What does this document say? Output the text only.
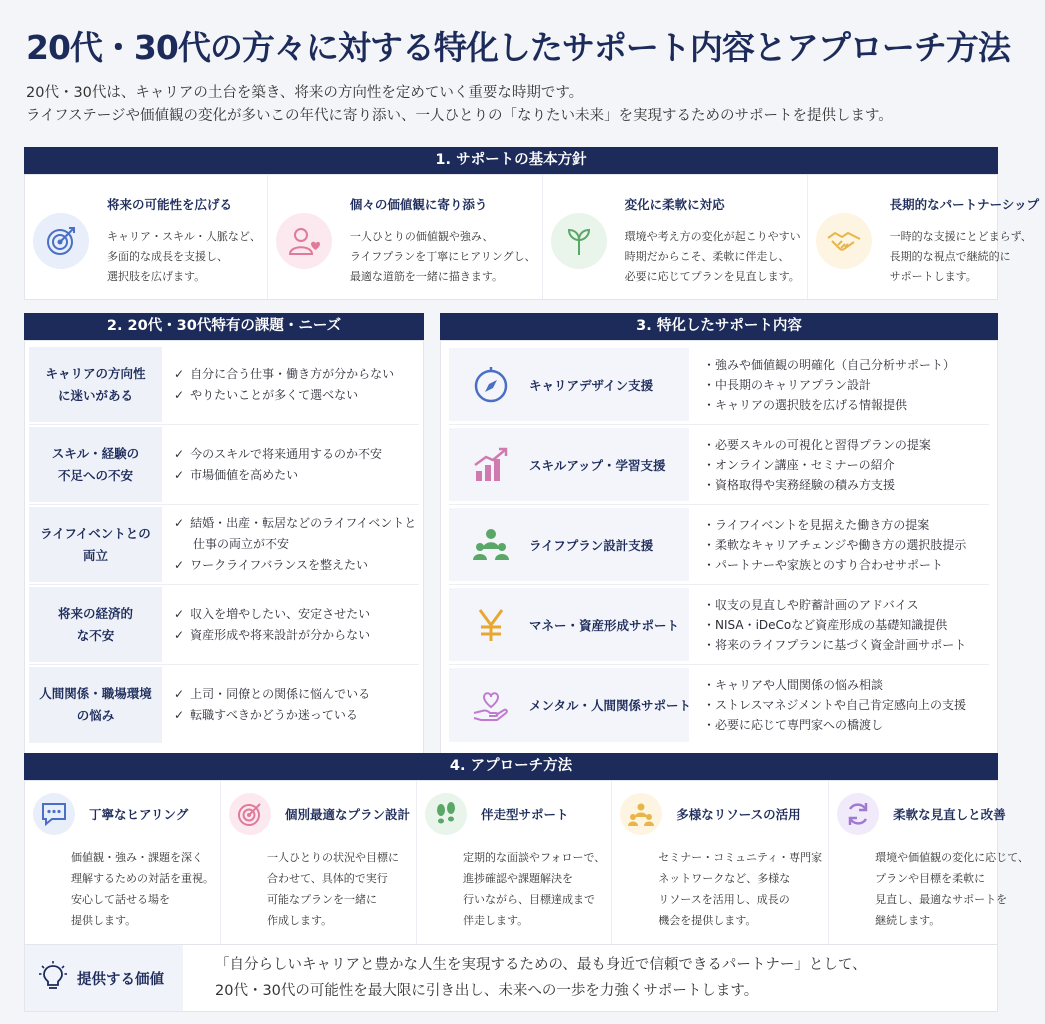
20代・30代の方々に対する特化したサポート内容とアプローチ方法
20代・30代は、キャリアの土台を築き、将来の方向性を定めていく重要な時期です。
ライフステージや価値観の変化が多いこの年代に寄り添い、一人ひとりの「なりたい未来」を実現するためのサポートを提供します。
1. サポートの基本方針
将来の可能性を広げる
キャリア・スキル・人脈など、
多面的な成長を支援し、
選択肢を広げます。
個々の価値観に寄り添う
一人ひとりの価値観や強み、
ライフプランを丁寧にヒアリングし、
最適な道筋を一緒に描きます。
変化に柔軟に対応
環境や考え方の変化が起こりやすい
時期だからこそ、柔軟に伴走し、
必要に応じてプランを見直します。
長期的なパートナーシップ
一時的な支援にとどまらず、
長期的な視点で継続的に
サポートします。
2. 20代・30代特有の課題・ニーズ
キャリアの方向性
に迷いがある
✓ 自分に合う仕事・働き方が分からない
✓ やりたいことが多くて選べない
スキル・経験の
不足への不安
✓ 今のスキルで将来通用するのか不安
✓ 市場価値を高めたい
ライフイベントとの
両立
✓ 結婚・出産・転居などのライフイベントと
仕事の両立が不安
✓ ワークライフバランスを整えたい
将来の経済的
な不安
✓ 収入を増やしたい、安定させたい
✓ 資産形成や将来設計が分からない
人間関係・職場環境
の悩み
✓ 上司・同僚との関係に悩んでいる
✓ 転職すべきかどうか迷っている
3. 特化したサポート内容
キャリアデザイン支援
・強みや価値観の明確化（自己分析サポート）
・中長期のキャリアプラン設計
・キャリアの選択肢を広げる情報提供
スキルアップ・学習支援
・必要スキルの可視化と習得プランの提案
・オンライン講座・セミナーの紹介
・資格取得や実務経験の積み方支援
ライフプラン設計支援
・ライフイベントを見据えた働き方の提案
・柔軟なキャリアチェンジや働き方の選択肢提示
・パートナーや家族とのすり合わせサポート
マネー・資産形成サポート
・収支の見直しや貯蓄計画のアドバイス
・NISA・iDeCoなど資産形成の基礎知識提供
・将来のライフプランに基づく資金計画サポート
メンタル・人間関係サポート
・キャリアや人間関係の悩み相談
・ストレスマネジメントや自己肯定感向上の支援
・必要に応じて専門家への橋渡し
4. アプローチ方法
丁寧なヒアリング
価値観・強み・課題を深く
理解するための対話を重視。
安心して話せる場を
提供します。
個別最適なプラン設計
一人ひとりの状況や目標に
合わせて、具体的で実行
可能なプランを一緒に
作成します。
伴走型サポート
定期的な面談やフォローで、
進捗確認や課題解決を
行いながら、目標達成まで
伴走します。
多様なリソースの活用
セミナー・コミュニティ・専門家
ネットワークなど、多様な
リソースを活用し、成長の
機会を提供します。
柔軟な見直しと改善
環境や価値観の変化に応じて、
プランや目標を柔軟に
見直し、最適なサポートを
継続します。
提供する価値
「自分らしいキャリアと豊かな人生を実現するための、最も身近で信頼できるパートナー」として、
20代・30代の可能性を最大限に引き出し、未来への一歩を力強くサポートします。
